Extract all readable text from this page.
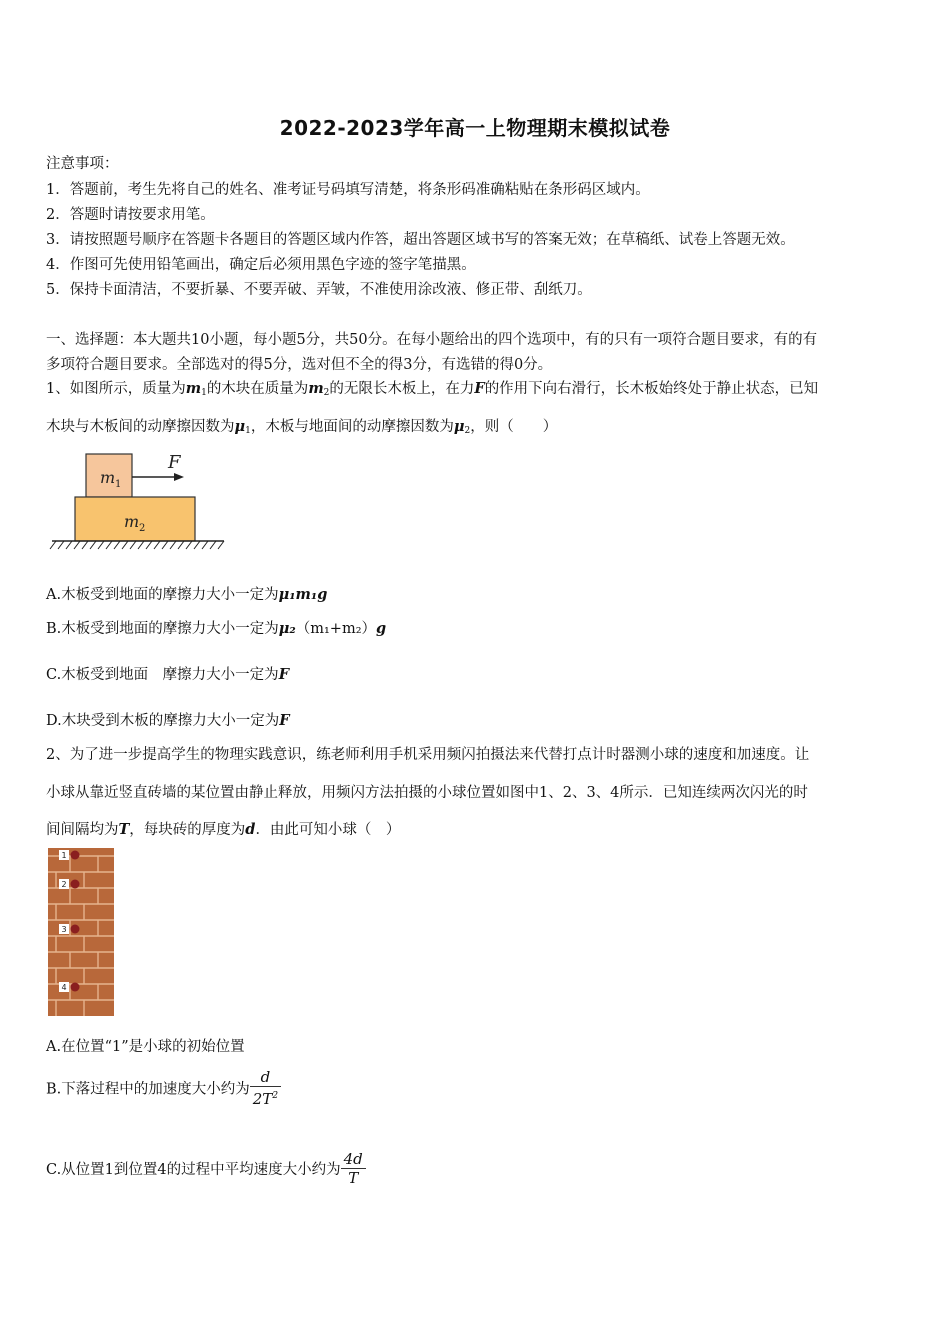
2022-2023学年高一上物理期末模拟试卷
注意事项：
1．答题前，考生先将自己的姓名、准考证号码填写清楚，将条形码准确粘贴在条形码区域内。
2．答题时请按要求用笔。
3．请按照题号顺序在答题卡各题目的答题区域内作答，超出答题区域书写的答案无效；在草稿纸、试卷上答题无效。
4．作图可先使用铅笔画出，确定后必须用黑色字迹的签字笔描黑。
5．保持卡面清洁，不要折暴、不要弄破、弄皱，不准使用涂改液、修正带、刮纸刀。
一、选择题：本大题共10小题，每小题5分，共50分。在每小题给出的四个选项中，有的只有一项符合题目要求，有的有
多项符合题目要求。全部选对的得5分，选对但不全的得3分，有选错的得0分。
1、如图所示，质量为$m_1$的木块在质量为$m_2$的无限长木板上，在力F的作用下向右滑行，长木板始终处于静止状态，已知
木块与木板间的动摩擦因数为$\mu_1$，木板与地面间的动摩擦因数为$\mu_2$，则（　　）
m 1
m 2
F
A.木板受到地面的摩擦力大小一定为μ₁m₁g
B.木板受到地面的摩擦力大小一定为μ₂（m₁+m₂）g
C.木板受到地面　摩擦力大小一定为F
D.木块受到木板的摩擦力大小一定为F
2、为了进一步提高学生的物理实践意识，练老师利用手机采用频闪拍摄法来代替打点计时器测小球的速度和加速度。让
小球从靠近竖直砖墙的某位置由静止释放，用频闪方法拍摄的小球位置如图中1、2、3、4所示．已知连续两次闪光的时
间间隔均为T，每块砖的厚度为d．由此可知小球（　）
1
2
3
4
A.在位置“1”是小球的初始位置
B.下落过程中的加速度大小约为 $\frac{d}{2T^2}$
C.从位置1到位置4的过程中平均速度大小约为 $\frac{4d}{T}$
